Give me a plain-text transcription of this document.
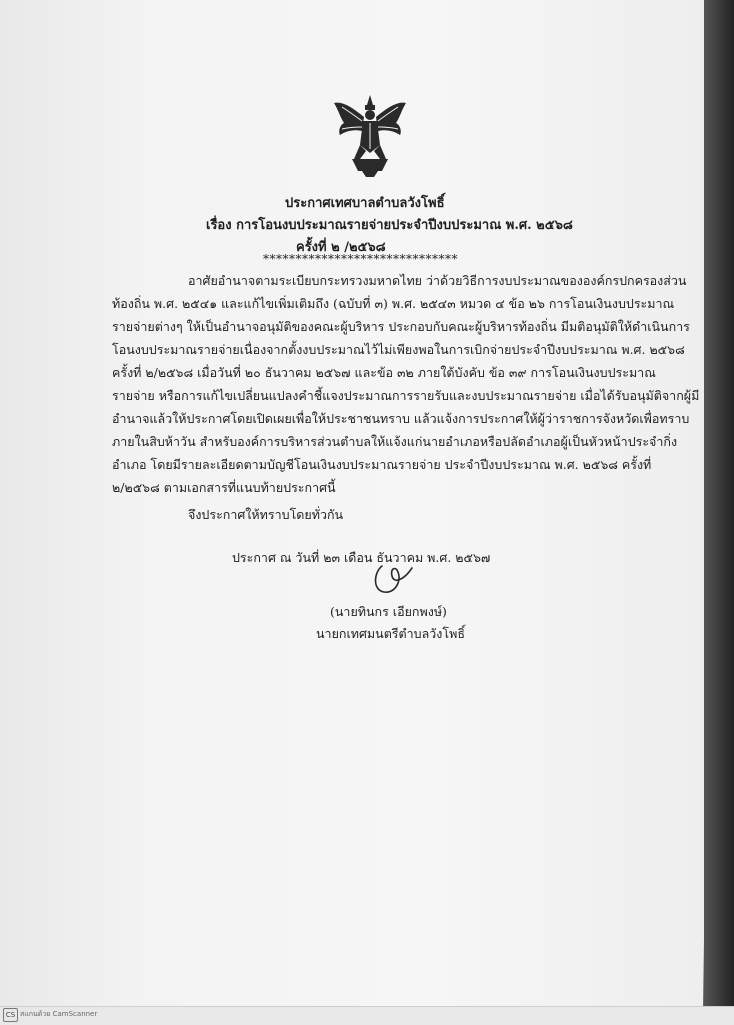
ประกาศเทศบาลตำบลวังโพธิ์
เรื่อง การโอนงบประมาณรายจ่ายประจำปีงบประมาณ พ.ศ. ๒๕๖๘
ครั้งที่ ๒ /๒๕๖๘
******************************
อาศัยอำนาจตามระเบียบกระทรวงมหาดไทย ว่าด้วยวิธีการงบประมาณขององค์กรปกครองส่วน
ท้องถิ่น พ.ศ. ๒๕๔๑ และแก้ไขเพิ่มเติมถึง (ฉบับที่ ๓) พ.ศ. ๒๕๔๓ หมวด ๔ ข้อ ๒๖ การโอนเงินงบประมาณ
รายจ่ายต่างๆ ให้เป็นอำนาจอนุมัติของคณะผู้บริหาร ประกอบกับคณะผู้บริหารท้องถิ่น มีมติอนุมัติให้ดำเนินการ
โอนงบประมาณรายจ่ายเนื่องจากตั้งงบประมาณไว้ไม่เพียงพอในการเบิกจ่ายประจำปีงบประมาณ พ.ศ. ๒๕๖๘
ครั้งที่ ๒/๒๕๖๘ เมื่อวันที่ ๒๐ ธันวาคม ๒๕๖๗ และข้อ ๓๒ ภายใต้บังคับ ข้อ ๓๙ การโอนเงินงบประมาณ
รายจ่าย หรือการแก้ไขเปลี่ยนแปลงคำชี้แจงประมาณการรายรับและงบประมาณรายจ่าย เมื่อได้รับอนุมัติจากผู้มี
อำนาจแล้วให้ประกาศโดยเปิดเผยเพื่อให้ประชาชนทราบ แล้วแจ้งการประกาศให้ผู้ว่าราชการจังหวัดเพื่อทราบ
ภายในสิบห้าวัน สำหรับองค์การบริหารส่วนตำบลให้แจ้งแก่นายอำเภอหรือปลัดอำเภอผู้เป็นหัวหน้าประจำกิ่ง
อำเภอ โดยมีรายละเอียดตามบัญชีโอนเงินงบประมาณรายจ่าย ประจำปีงบประมาณ พ.ศ. ๒๕๖๘ ครั้งที่
๒/๒๕๖๘ ตามเอกสารที่แนบท้ายประกาศนี้
จึงประกาศให้ทราบโดยทั่วกัน
ประกาศ ณ วันที่ ๒๓ เดือน ธันวาคม พ.ศ. ๒๕๖๗
(นายทินกร เอียกพงษ์)
นายกเทศมนตรีตำบลวังโพธิ์
CS สแกนด้วย CamScanner
